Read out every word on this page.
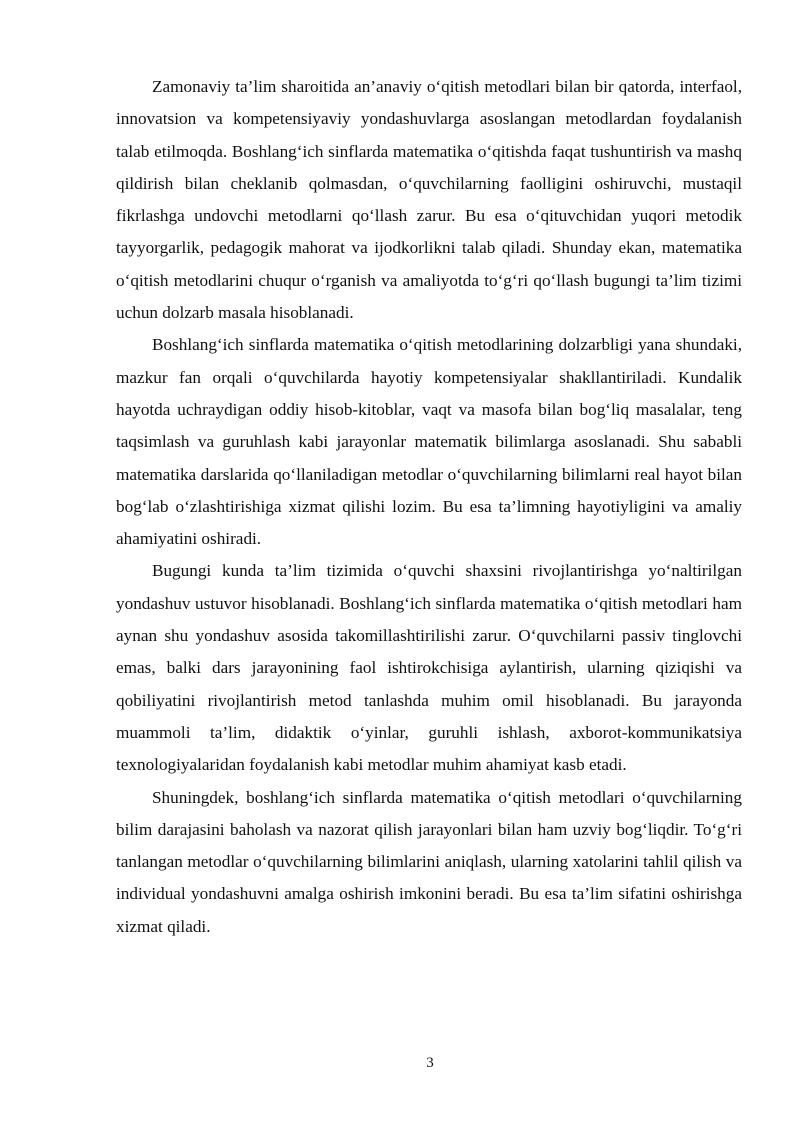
Zamonaviy ta’lim sharoitida an’anaviy o‘qitish metodlari bilan bir qatorda, interfaol, innovatsion va kompetensiyaviy yondashuvlarga asoslangan metodlardan foydalanish talab etilmoqda. Boshlang‘ich sinflarda matematika o‘qitishda faqat tushuntirish va mashq qildirish bilan cheklanib qolmasdan, o‘quvchilarning faolligini oshiruvchi, mustaqil fikrlashga undovchi metodlarni qo‘llash zarur. Bu esa o‘qituvchidan yuqori metodik tayyorgarlik, pedagogik mahorat va ijodkorlikni talab qiladi. Shunday ekan, matematika o‘qitish metodlarini chuqur o‘rganish va amaliyotda to‘g‘ri qo‘llash bugungi ta’lim tizimi uchun dolzarb masala hisoblanadi.

Boshlang‘ich sinflarda matematika o‘qitish metodlarining dolzarbligi yana shundaki, mazkur fan orqali o‘quvchilarda hayotiy kompetensiyalar shakllantiriladi. Kundalik hayotda uchraydigan oddiy hisob-kitoblar, vaqt va masofa bilan bog‘liq masalalar, teng taqsimlash va guruhlash kabi jarayonlar matematik bilimlarga asoslanadi. Shu sababli matematika darslarida qo‘llaniladigan metodlar o‘quvchilarning bilimlarni real hayot bilan bog‘lab o‘zlashtirishiga xizmat qilishi lozim. Bu esa ta’limning hayotiyligini va amaliy ahamiyatini oshiradi.

Bugungi kunda ta’lim tizimida o‘quvchi shaxsini rivojlantirishga yo‘naltirilgan yondashuv ustuvor hisoblanadi. Boshlang‘ich sinflarda matematika o‘qitish metodlari ham aynan shu yondashuv asosida takomillashtirilishi zarur. O‘quvchilarni passiv tinglovchi emas, balki dars jarayonining faol ishtirokchisiga aylantirish, ularning qiziqishi va qobiliyatini rivojlantirish metod tanlashda muhim omil hisoblanadi. Bu jarayonda muammoli ta’lim, didaktik o‘yinlar, guruhli ishlash, axborot-kommunikatsiya texnologiyalaridan foydalanish kabi metodlar muhim ahamiyat kasb etadi.

Shuningdek, boshlang‘ich sinflarda matematika o‘qitish metodlari o‘quvchilarning bilim darajasini baholash va nazorat qilish jarayonlari bilan ham uzviy bog‘liqdir. To‘g‘ri tanlangan metodlar o‘quvchilarning bilimlarini aniqlash, ularning xatolarini tahlil qilish va individual yondashuvni amalga oshirish imkonini beradi. Bu esa ta’lim sifatini oshirishga xizmat qiladi.

3
